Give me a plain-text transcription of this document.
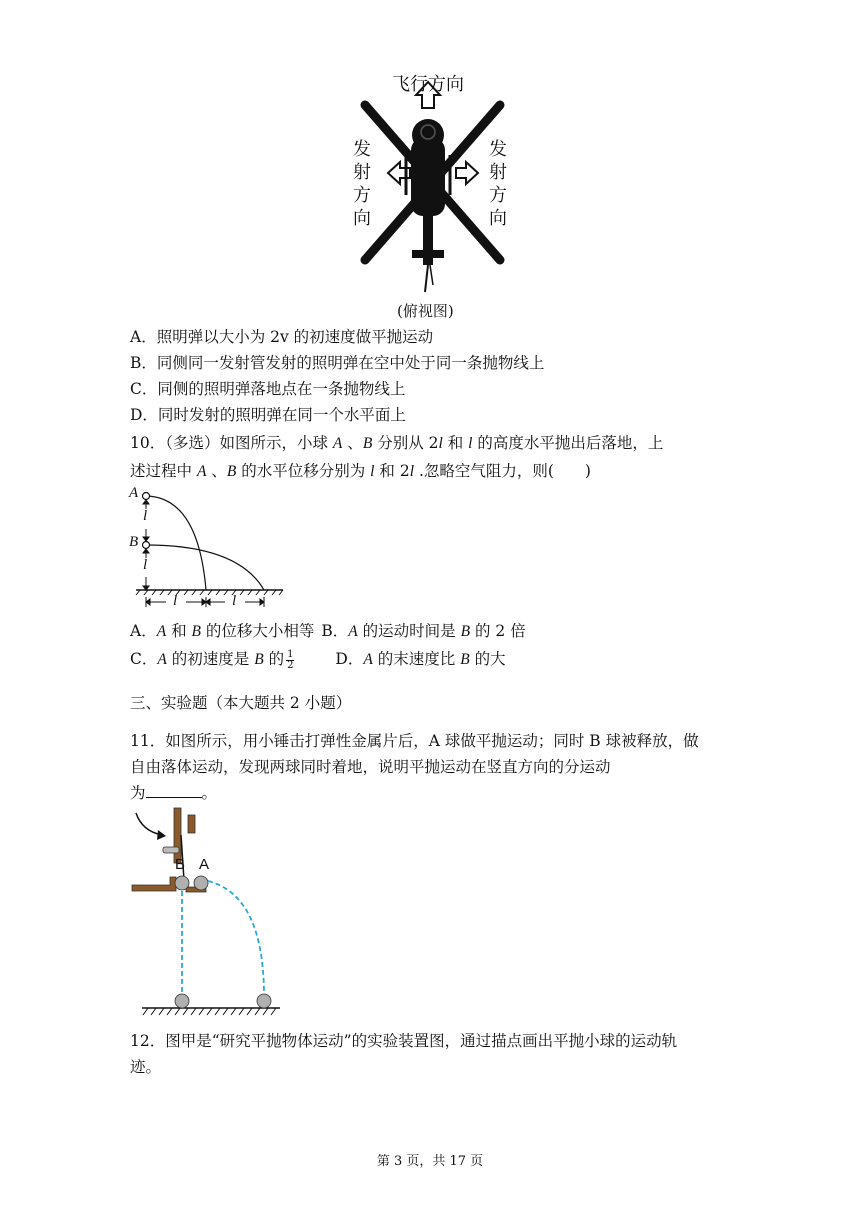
飞行方向
发
射
方
向
发
射
方
向
(俯视图)
A．照明弹以大小为 2v 的初速度做平抛运动
B．同侧同一发射管发射的照明弹在空中处于同一条抛物线上
C．同侧的照明弹落地点在一条抛物线上
D．同时发射的照明弹在同一个水平面上
10．（多选）如图所示，小球 A 、B 分别从 2l 和 l 的高度水平抛出后落地，上
述过程中 A 、B 的水平位移分别为 l 和 2l .忽略空气阻力，则(　　)
A
B
l
l
l	l
A．A 和 B 的位移大小相等 B．A 的运动时间是 B 的 2 倍
C．A 的初速度是 B 的 $\frac{1}{2}$	D．A 的末速度比 B 的大
三、实验题（本大题共 2 小题）
11．如图所示，用小锤击打弹性金属片后，A 球做平抛运动；同时 B 球被释放，做
自由落体运动，发现两球同时着地，说明平抛运动在竖直方向的分运动
为	。
B A
12．图甲是“研究平抛物体运动”的实验装置图，通过描点画出平抛小球的运动轨
迹。
第 3 页，共 17 页
